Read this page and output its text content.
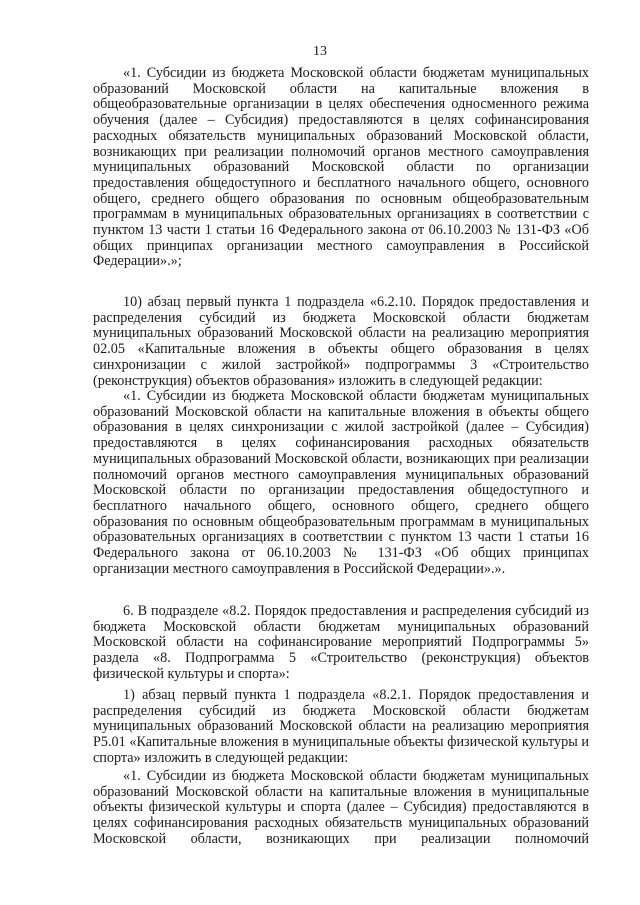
13
«1. Субсидии из бюджета Московской области бюджетам муниципальных образований Московской области на капитальные вложения в общеобразовательные организации в целях обеспечения односменного режима обучения (далее – Субсидия) предоставляются в целях софинансирования расходных обязательств муниципальных образований Московской области, возникающих при реализации полномочий органов местного самоуправления муниципальных образований Московской области по организации предоставления общедоступного и бесплатного начального общего, основного общего, среднего общего образования по основным общеобразовательным программам в муниципальных образовательных организациях в соответствии с пунктом 13 части 1 статьи 16 Федерального закона от 06.10.2003 № 131-ФЗ «Об общих принципах организации местного самоуправления в Российской Федерации».»;
10) абзац первый пункта 1 подраздела «6.2.10. Порядок предоставления и распределения субсидий из бюджета Московской области бюджетам муниципальных образований Московской области на реализацию мероприятия 02.05 «Капитальные вложения в объекты общего образования в целях синхронизации с жилой застройкой» подпрограммы 3 «Строительство (реконструкция) объектов образования» изложить в следующей редакции:
«1. Субсидии из бюджета Московской области бюджетам муниципальных образований Московской области на капитальные вложения в объекты общего образования в целях синхронизации с жилой застройкой (далее – Субсидия) предоставляются в целях софинансирования расходных обязательств муниципальных образований Московской области, возникающих при реализации полномочий органов местного самоуправления муниципальных образований Московской области по организации предоставления общедоступного и бесплатного начального общего, основного общего, среднего общего образования по основным общеобразовательным программам в муниципальных образовательных организациях в соответствии с пунктом 13 части 1 статьи 16 Федерального закона от 06.10.2003 № 131-ФЗ «Об общих принципах организации местного самоуправления в Российской Федерации».».
6. В подразделе «8.2. Порядок предоставления и распределения субсидий из бюджета Московской области бюджетам муниципальных образований Московской области на софинансирование мероприятий Подпрограммы 5» раздела «8. Подпрограмма 5 «Строительство (реконструкция) объектов физической культуры и спорта»:
1) абзац первый пункта 1 подраздела «8.2.1. Порядок предоставления и распределения субсидий из бюджета Московской области бюджетам муниципальных образований Московской области на реализацию мероприятия Р5.01 «Капитальные вложения в муниципальные объекты физической культуры и спорта» изложить в следующей редакции:
«1. Субсидии из бюджета Московской области бюджетам муниципальных образований Московской области на капитальные вложения в муниципальные объекты физической культуры и спорта (далее – Субсидия) предоставляются в целях софинансирования расходных обязательств муниципальных образований Московской области, возникающих при реализации полномочий
